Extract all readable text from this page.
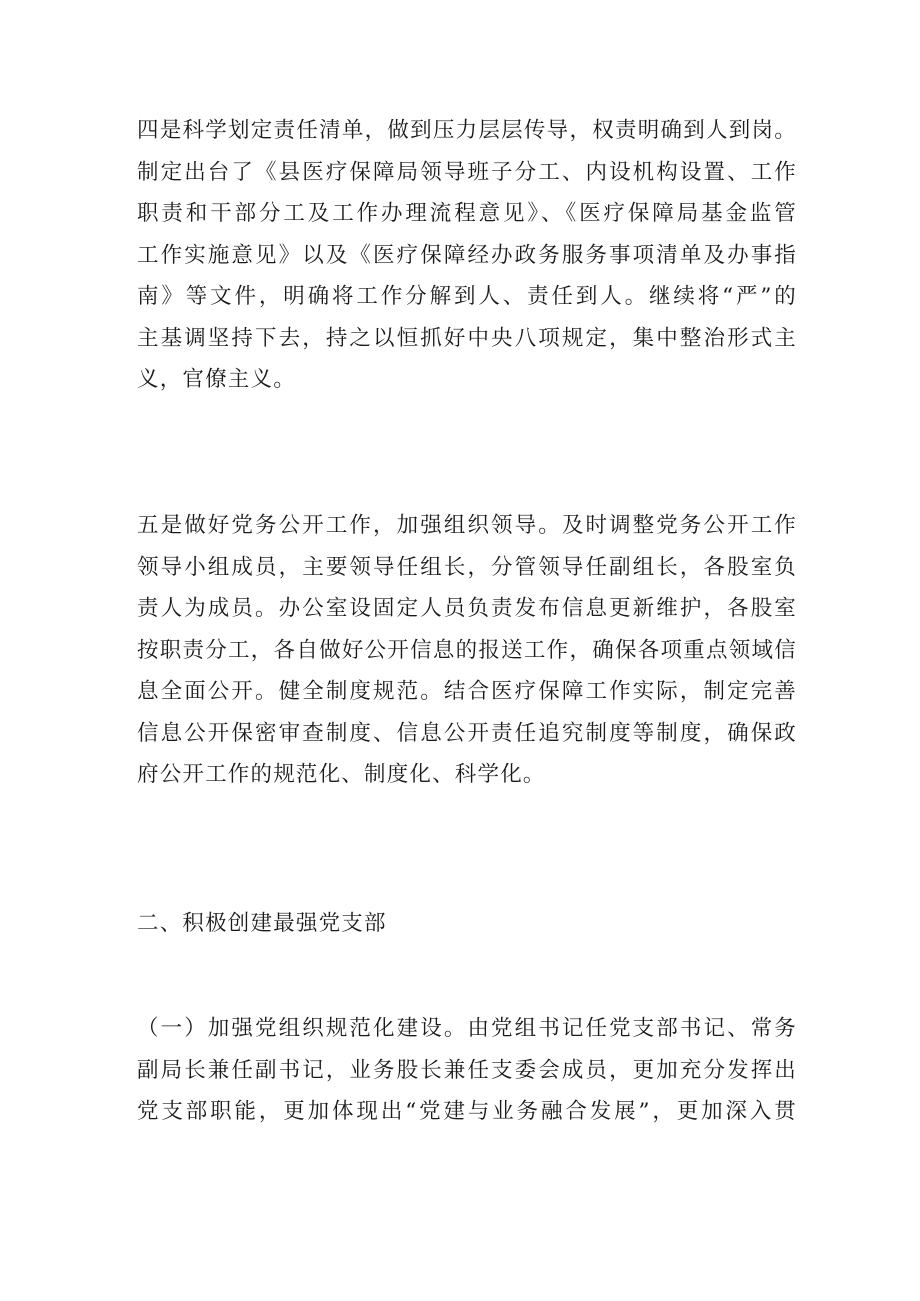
四是科学划定责任清单，做到压力层层传导，权责明确到人到岗。
制定出台了《县医疗保障局领导班子分工、内设机构设置、工作
职责和干部分工及工作办理流程意见》、《医疗保障局基金监管
工作实施意见》以及《医疗保障经办政务服务事项清单及办事指
南》等文件，明确将工作分解到人、责任到人。继续将“严”的
主基调坚持下去，持之以恒抓好中央八项规定，集中整治形式主
义，官僚主义。
五是做好党务公开工作，加强组织领导。及时调整党务公开工作
领导小组成员，主要领导任组长，分管领导任副组长，各股室负
责人为成员。办公室设固定人员负责发布信息更新维护，各股室
按职责分工，各自做好公开信息的报送工作，确保各项重点领域信
息全面公开。健全制度规范。结合医疗保障工作实际，制定完善
信息公开保密审查制度、信息公开责任追究制度等制度，确保政
府公开工作的规范化、制度化、科学化。
二、积极创建最强党支部
（一）加强党组织规范化建设。由党组书记任党支部书记、常务
副局长兼任副书记，业务股长兼任支委会成员，更加充分发挥出
党支部职能，更加体现出“党建与业务融合发展”，更加深入贯
